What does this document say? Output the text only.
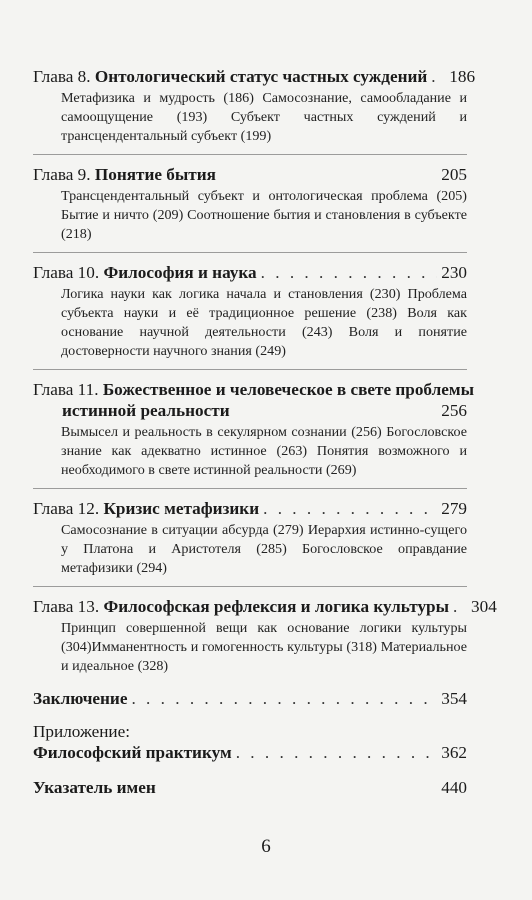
Глава 8. Онтологический статус частных суждений . . . 186
Метафизика и мудрость (186) Самосознание, самообладание и самоощущение (193) Субъект частных суждений и трансцендентальный субъект (199)
Глава 9. Понятие бытия	205
Трансцендентальный субъект и онтологическая проблема (205) Бытие и ничто (209) Соотношение бытия и становления в субъекте (218)
Глава 10. Философия и наука . . .	230
Логика науки как логика начала и становления (230) Проблема субъекта науки и её традиционное решение (238) Воля как основание научной деятельности (243) Воля и понятие достоверности научного знания (249)
Глава 11. Божественное и человеческое в свете проблемы
истинной реальности	256
Вымысел и реальность в секулярном сознании (256) Богословское знание как адекватно истинное (263) Понятия возможного и необходимого в свете истинной реальности (269)
Глава 12. Кризис метафизики . . .	279
Самосознание в ситуации абсурда (279) Иерархия истинно-сущего у Платона и Аристотеля (285) Богословское оправдание метафизики (294)
Глава 13. Философская рефлексия и логика культуры . . . 304
Принцип совершенной вещи как основание логики культуры (304)Имманентность и гомогенность культуры (318) Материальное и идеальное (328)
Заключение . . .	354
Приложение:
Философский практикум . . .	362
Указатель имен	440
6
